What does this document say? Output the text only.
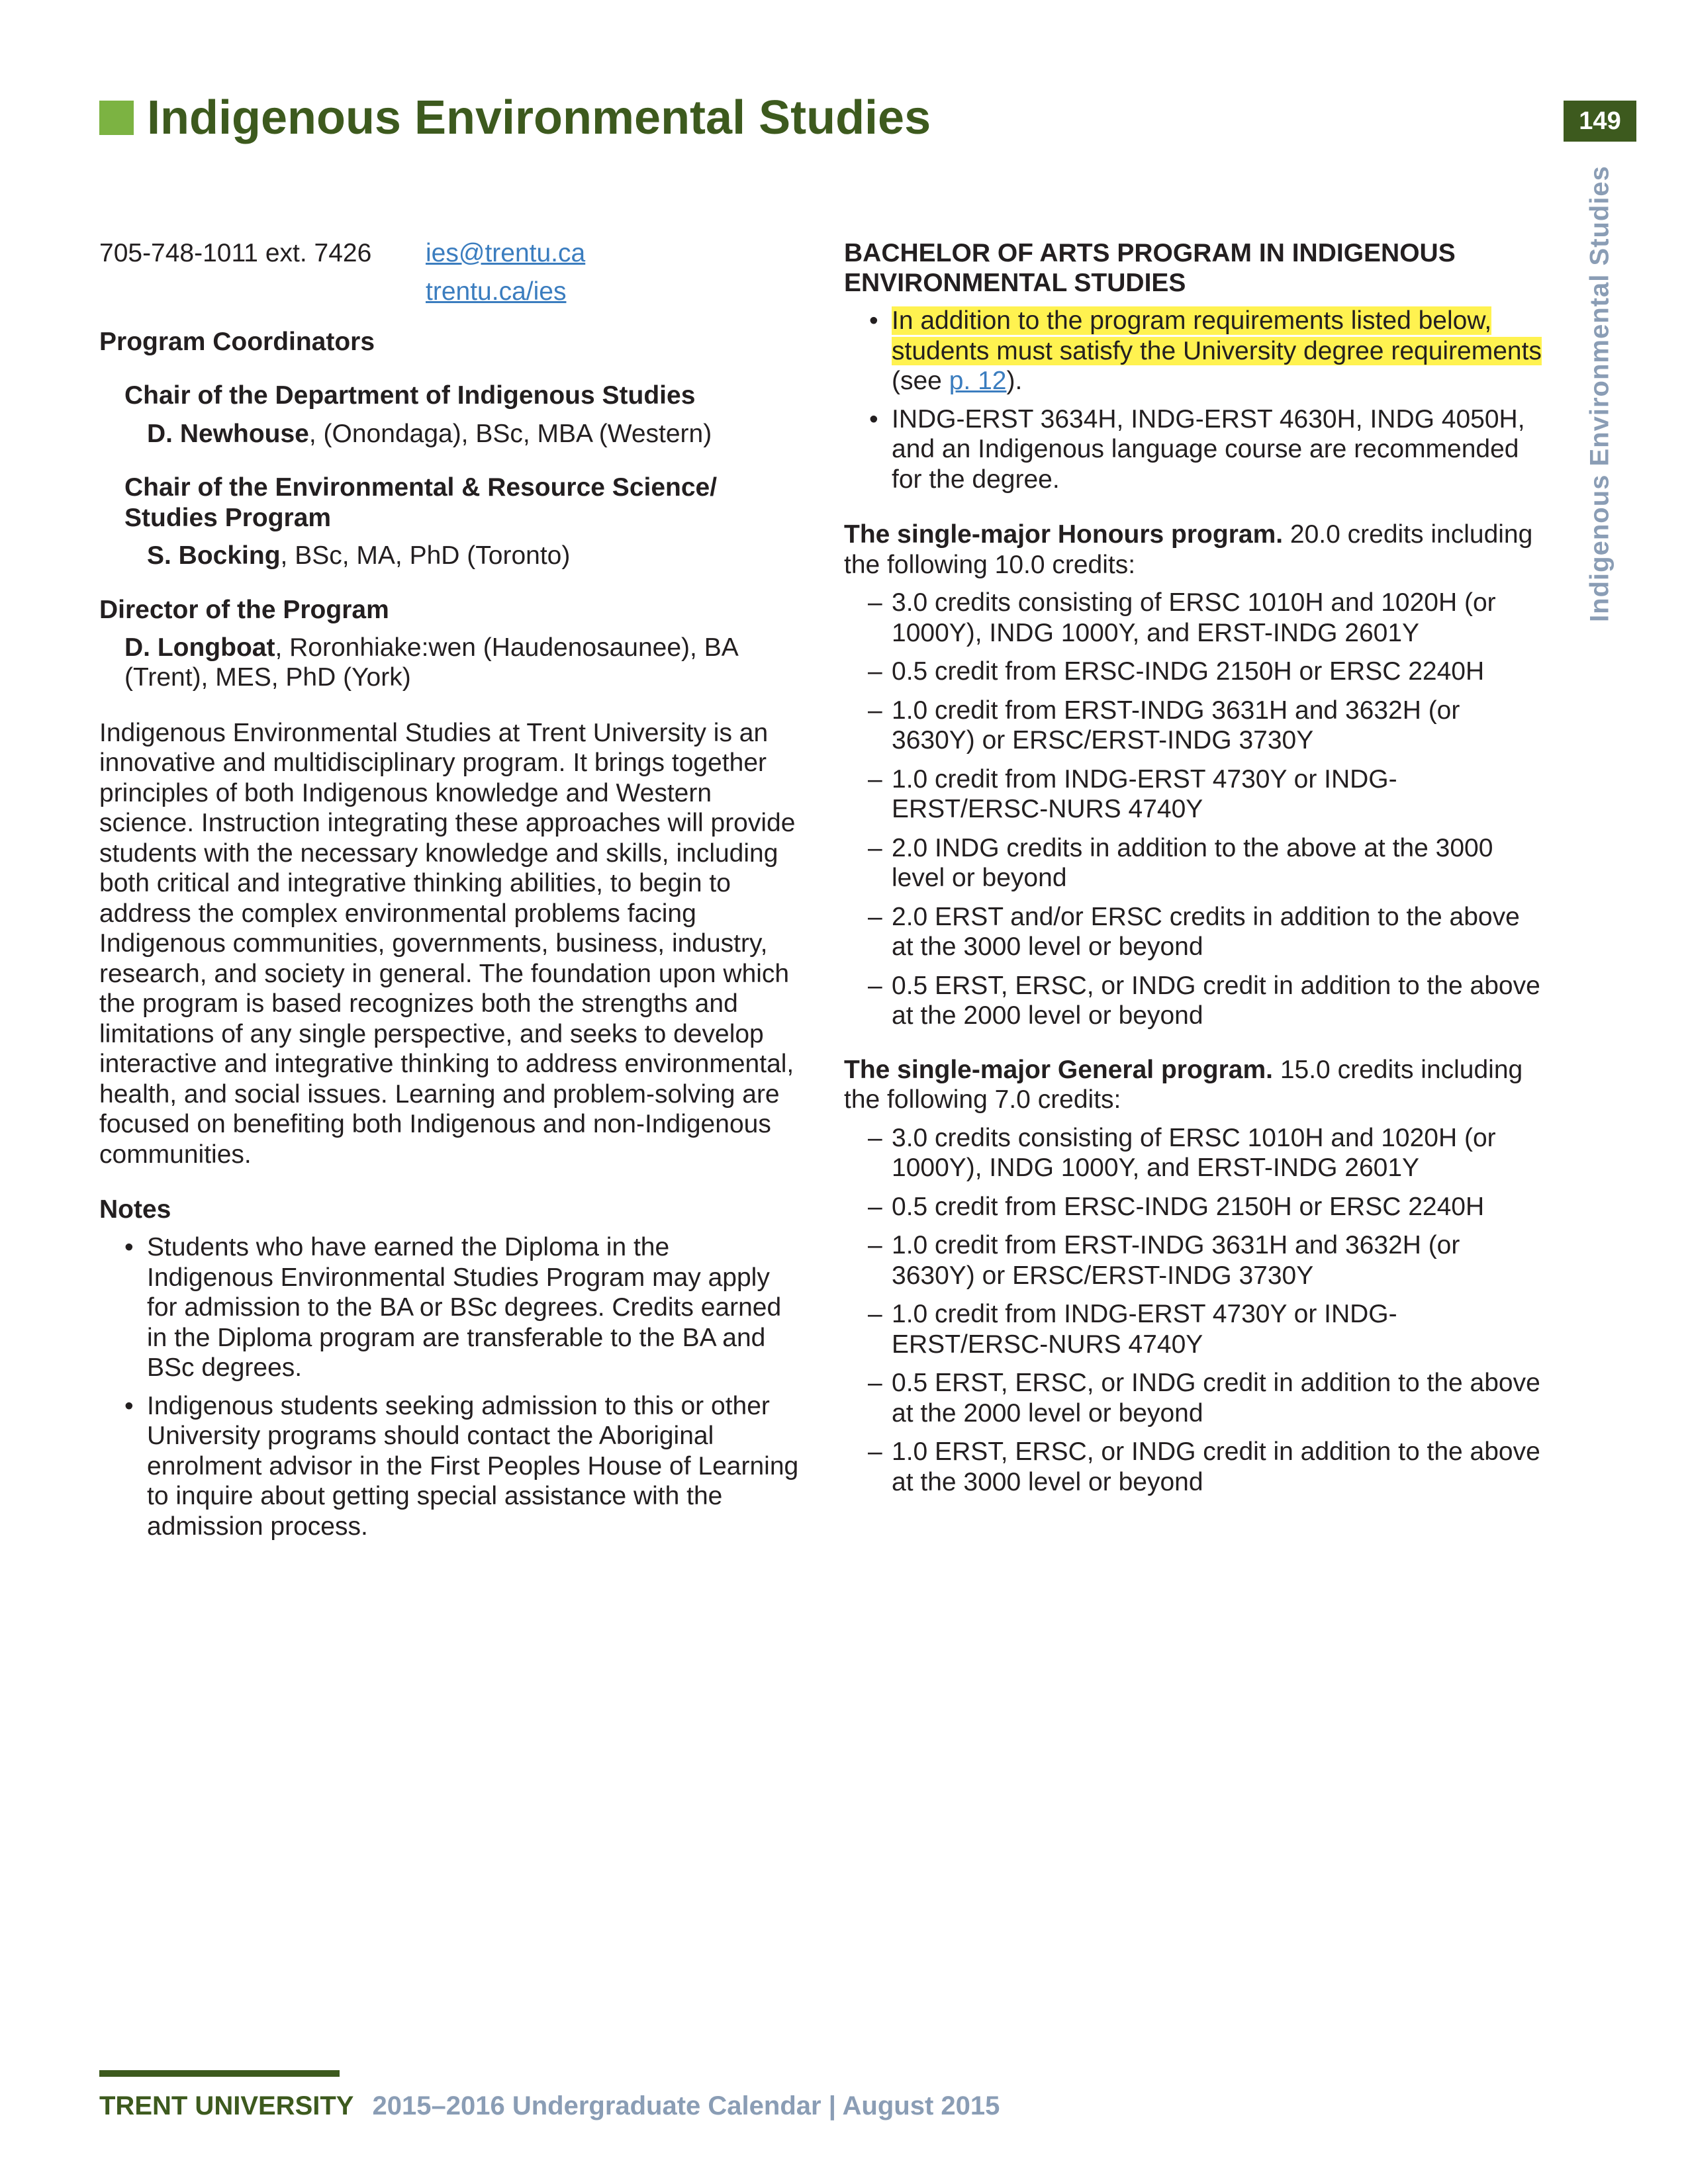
Indigenous Environmental Studies	149
Indigenous Environmental Studies
705-748-1011 ext. 7426 ies@trentu.ca
trentu.ca/ies
Program Coordinators
Chair of the Department of Indigenous Studies
D. Newhouse, (Onondaga), BSc, MBA (Western)
Chair of the Environmental & Resource Science/ Studies Program
S. Bocking, BSc, MA, PhD (Toronto)
Director of the Program
D. Longboat, Roronhiake:wen (Haudenosaunee), BA (Trent), MES, PhD (York)
Indigenous Environmental Studies at Trent University is an innovative and multidisciplinary program. It brings together principles of both Indigenous knowledge and Western science. Instruction integrating these approaches will provide students with the necessary knowledge and skills, including both critical and integrative thinking abilities, to begin to address the complex environmental problems facing Indigenous communities, governments, business, industry, research, and society in general. The foundation upon which the program is based recognizes both the strengths and limitations of any single perspective, and seeks to develop interactive and integrative thinking to address environmental, health, and social issues. Learning and problem-solving are focused on benefiting both Indigenous and non-Indigenous communities.
Notes
• Students who have earned the Diploma in the Indigenous Environmental Studies Program may apply for admission to the BA or BSc degrees. Credits earned in the Diploma program are transferable to the BA and BSc degrees.
• Indigenous students seeking admission to this or other University programs should contact the Aboriginal enrolment advisor in the First Peoples House of Learning to inquire about getting special assistance with the admission process.
BACHELOR OF ARTS PROGRAM IN INDIGENOUS ENVIRONMENTAL STUDIES
• In addition to the program requirements listed below, students must satisfy the University degree requirements (see p. 12).
• INDG-ERST 3634H, INDG-ERST 4630H, INDG 4050H, and an Indigenous language course are recommended for the degree.
The single-major Honours program. 20.0 credits including the following 10.0 credits:
– 3.0 credits consisting of ERSC 1010H and 1020H (or 1000Y), INDG 1000Y, and ERST-INDG 2601Y
– 0.5 credit from ERSC-INDG 2150H or ERSC 2240H
– 1.0 credit from ERST-INDG 3631H and 3632H (or 3630Y) or ERSC/ERST-INDG 3730Y
– 1.0 credit from INDG-ERST 4730Y or INDG-ERST/ERSC-NURS 4740Y
– 2.0 INDG credits in addition to the above at the 3000 level or beyond
– 2.0 ERST and/or ERSC credits in addition to the above at the 3000 level or beyond
– 0.5 ERST, ERSC, or INDG credit in addition to the above at the 2000 level or beyond
The single-major General program. 15.0 credits including the following 7.0 credits:
– 3.0 credits consisting of ERSC 1010H and 1020H (or 1000Y), INDG 1000Y, and ERST-INDG 2601Y
– 0.5 credit from ERSC-INDG 2150H or ERSC 2240H
– 1.0 credit from ERST-INDG 3631H and 3632H (or 3630Y) or ERSC/ERST-INDG 3730Y
– 1.0 credit from INDG-ERST 4730Y or INDG-ERST/ERSC-NURS 4740Y
– 0.5 ERST, ERSC, or INDG credit in addition to the above at the 2000 level or beyond
– 1.0 ERST, ERSC, or INDG credit in addition to the above at the 3000 level or beyond
TRENT UNIVERSITY 2015–2016 Undergraduate Calendar | August 2015
